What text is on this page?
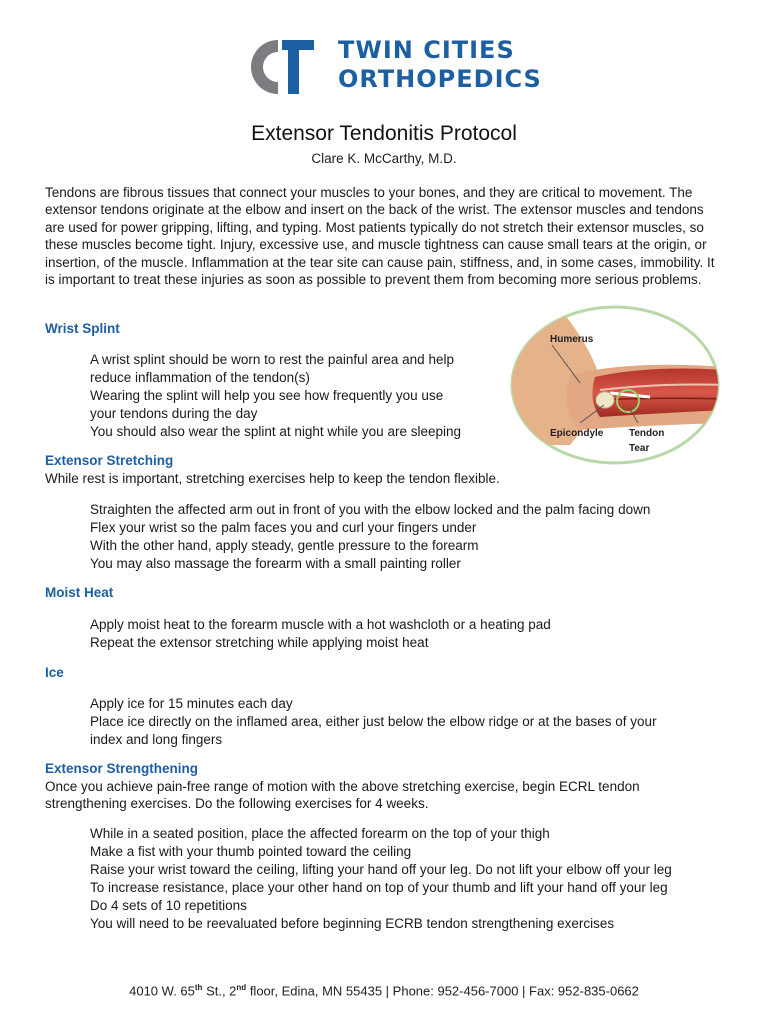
TWIN CITIES
ORTHOPEDICS
Extensor Tendonitis Protocol
Clare K. McCarthy, M.D.

Tendons are fibrous tissues that connect your muscles to your bones, and they are critical to movement. The extensor tendons originate at the elbow and insert on the back of the wrist. The extensor muscles and tendons are used for power gripping, lifting, and typing. Most patients typically do not stretch their extensor muscles, so these muscles become tight. Injury, excessive use, and muscle tightness can cause small tears at the origin, or insertion, of the muscle. Inflammation at the tear site can cause pain, stiffness, and, in some cases, immobility. It is important to treat these injuries as soon as possible to prevent them from becoming more serious problems.

Wrist Splint
A wrist splint should be worn to rest the painful area and help
reduce inflammation of the tendon(s)
Wearing the splint will help you see how frequently you use
your tendons during the day
You should also wear the splint at night while you are sleeping
Humerus
Epicondyle	Tendon
Tear
Extensor Stretching

While rest is important, stretching exercises help to keep the tendon flexible.

Straighten the affected arm out in front of you with the elbow locked and the palm facing down
Flex your wrist so the palm faces you and curl your fingers under
With the other hand, apply steady, gentle pressure to the forearm
You may also massage the forearm with a small painting roller
Moist Heat
Apply moist heat to the forearm muscle with a hot washcloth or a heating pad
Repeat the extensor stretching while applying moist heat
Ice
Apply ice for 15 minutes each day
Place ice directly on the inflamed area, either just below the elbow ridge or at the bases of your
index and long fingers
Extensor Strengthening

Once you achieve pain-free range of motion with the above stretching exercise, begin ECRL tendon strengthening exercises. Do the following exercises for 4 weeks.

While in a seated position, place the affected forearm on the top of your thigh
Make a fist with your thumb pointed toward the ceiling
Raise your wrist toward the ceiling, lifting your hand off your leg. Do not lift your elbow off your leg
To increase resistance, place your other hand on top of your thumb and lift your hand off your leg
Do 4 sets of 10 repetitions
You will need to be reevaluated before beginning ECRB tendon strengthening exercises
4010 W. 65th St., 2nd floor, Edina, MN 55435 | Phone: 952-456-7000 | Fax: 952-835-0662
